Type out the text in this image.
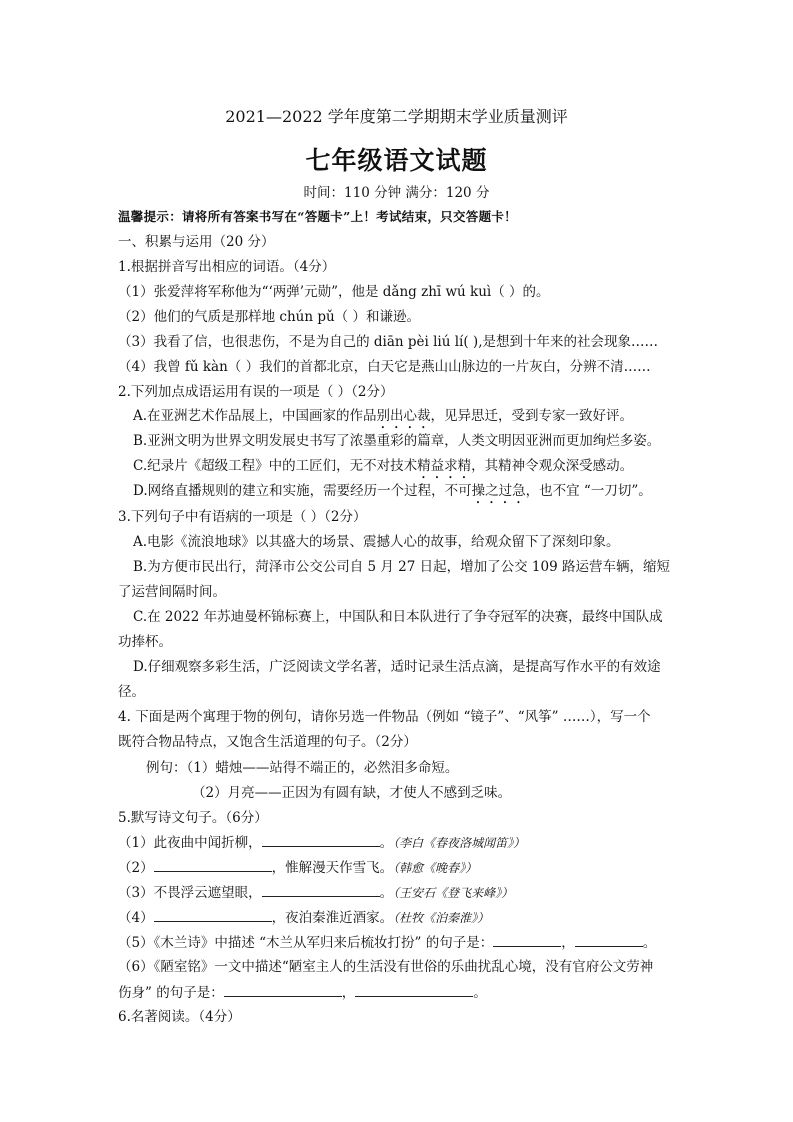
2021—2022 学年度第二学期期末学业质量测评
七年级语文试题
时间：110 分钟 满分：120 分
温馨提示：请将所有答案书写在“答题卡”上！考试结束，只交答题卡！
一、积累与运用（20 分）
1.根据拼音写出相应的词语。（4分）
（1）张爱萍将军称他为“‘两弹’元勋”，他是 dǎng zhī wú kuì（ ）的。
（2）他们的气质是那样地 chún pǔ（ ）和谦逊。
（3）我看了信，也很悲伤，不是为自己的 diān pèi liú lí( ),是想到十年来的社会现象……
（4）我曾 fǔ kàn（ ）我们的首都北京，白天它是燕山山脉边的一片灰白，分辨不清……
2.下列加点成语运用有误的一项是（ ）（2分）
A.在亚洲艺术作品展上，中国画家的作品别出心裁，见异思迁，受到专家一致好评。
B.亚洲文明为世界文明发展史书写了浓墨重彩的篇章，人类文明因亚洲而更加绚烂多姿。
C.纪录片《超级工程》中的工匠们，无不对技术精益求精，其精神令观众深受感动。
D.网络直播规则的建立和实施，需要经历一个过程，不可操之过急，也不宜 “一刀切”。
3.下列句子中有语病的一项是（ ）（2分）
A.电影《流浪地球》以其盛大的场景、震撼人心的故事，给观众留下了深刻印象。
B.为方便市民出行，菏泽市公交公司自 5 月 27 日起，增加了公交 109 路运营车辆，缩短
了运营间隔时间。
C.在 2022 年苏迪曼杯锦标赛上，中国队和日本队进行了争夺冠军的决赛，最终中国队成
功捧杯。
D.仔细观察多彩生活，广泛阅读文学名著，适时记录生活点滴，是提高写作水平的有效途
径。
4. 下面是两个寓理于物的例句，请你另选一件物品（例如 “镜子”、“风筝” ……），写一个
既符合物品特点，又饱含生活道理的句子。（2分）
例句：（1）蜡烛——站得不端正的，必然泪多命短。
（2）月亮——正因为有圆有缺，才使人不感到乏味。
5.默写诗文句子。（6分）
（1）此夜曲中闻折柳，	。（李白《春夜洛城闻笛》）
（2）	，惟解漫天作雪飞。（韩愈《晚春》）
（3）不畏浮云遮望眼，	。（王安石《登飞来峰》）
（4）	，夜泊秦淮近酒家。（杜牧《泊秦淮》）
（5）《木兰诗》中描述 “木兰从军归来后梳妆打扮” 的句子是：	，	。
（6）《陋室铭》一文中描述“陋室主人的生活没有世俗的乐曲扰乱心境，没有官府公文劳神
伤身” 的句子是：	，	。
6.名著阅读。（4分）
